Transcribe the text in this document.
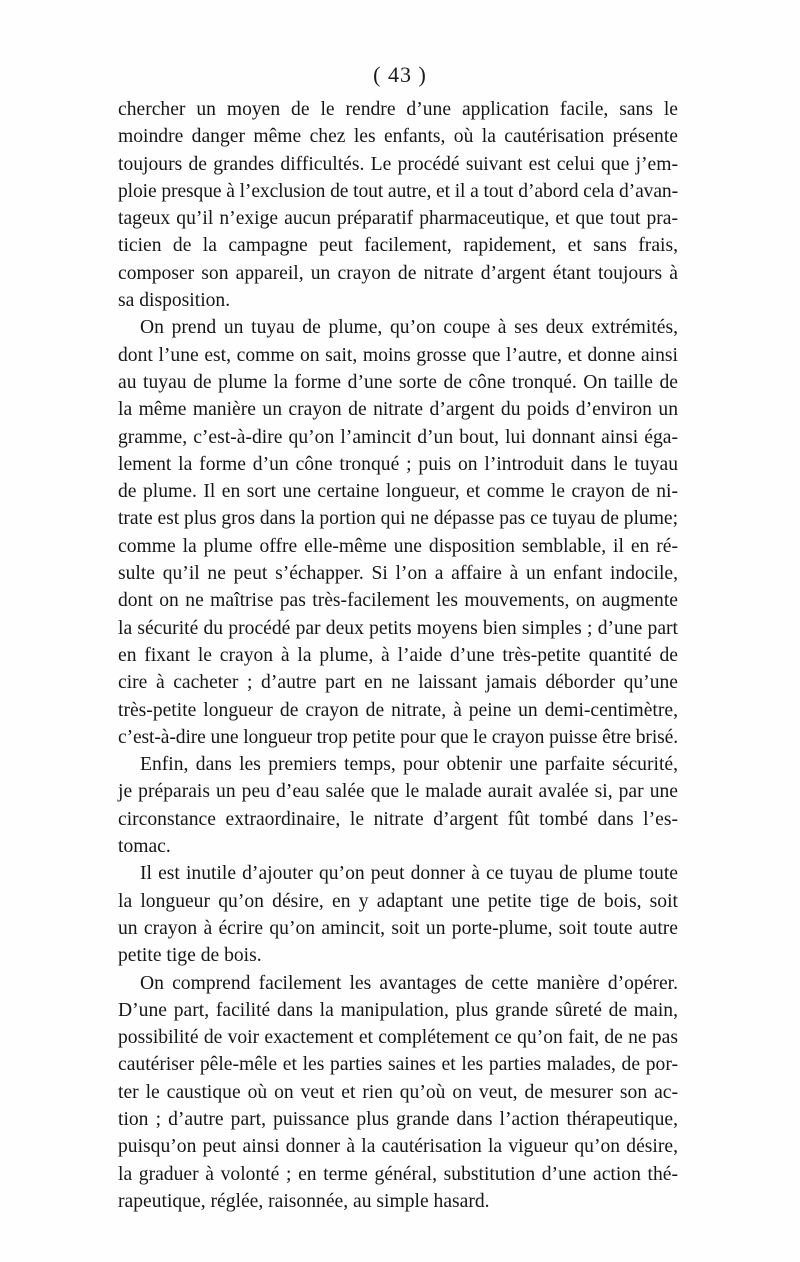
( 43 )
chercher un moyen de le rendre d’une application facile, sans le
moindre danger même chez les enfants, où la cautérisation présente
toujours de grandes difficultés. Le procédé suivant est celui que j’em-
ploie presque à l’exclusion de tout autre, et il a tout d’abord cela d’avan-
tageux qu’il n’exige aucun préparatif pharmaceutique, et que tout pra-
ticien de la campagne peut facilement, rapidement, et sans frais,
composer son appareil, un crayon de nitrate d’argent étant toujours à
sa disposition.
On prend un tuyau de plume, qu’on coupe à ses deux extrémités,
dont l’une est, comme on sait, moins grosse que l’autre, et donne ainsi
au tuyau de plume la forme d’une sorte de cône tronqué. On taille de
la même manière un crayon de nitrate d’argent du poids d’environ un
gramme, c’est-à-dire qu’on l’amincit d’un bout, lui donnant ainsi éga-
lement la forme d’un cône tronqué ; puis on l’introduit dans le tuyau
de plume. Il en sort une certaine longueur, et comme le crayon de ni-
trate est plus gros dans la portion qui ne dépasse pas ce tuyau de plume;
comme la plume offre elle-même une disposition semblable, il en ré-
sulte qu’il ne peut s’échapper. Si l’on a affaire à un enfant indocile,
dont on ne maîtrise pas très-facilement les mouvements, on augmente
la sécurité du procédé par deux petits moyens bien simples ; d’une part
en fixant le crayon à la plume, à l’aide d’une très-petite quantité de
cire à cacheter ; d’autre part en ne laissant jamais déborder qu’une
très-petite longueur de crayon de nitrate, à peine un demi-centimètre,
c’est-à-dire une longueur trop petite pour que le crayon puisse être brisé.
Enfin, dans les premiers temps, pour obtenir une parfaite sécurité,
je préparais un peu d’eau salée que le malade aurait avalée si, par une
circonstance extraordinaire, le nitrate d’argent fût tombé dans l’es-
tomac.
Il est inutile d’ajouter qu’on peut donner à ce tuyau de plume toute
la longueur qu’on désire, en y adaptant une petite tige de bois, soit
un crayon à écrire qu’on amincit, soit un porte-plume, soit toute autre
petite tige de bois.
On comprend facilement les avantages de cette manière d’opérer.
D’une part, facilité dans la manipulation, plus grande sûreté de main,
possibilité de voir exactement et complétement ce qu’on fait, de ne pas
cautériser pêle-mêle et les parties saines et les parties malades, de por-
ter le caustique où on veut et rien qu’où on veut, de mesurer son ac-
tion ; d’autre part, puissance plus grande dans l’action thérapeutique,
puisqu’on peut ainsi donner à la cautérisation la vigueur qu’on désire,
la graduer à volonté ; en terme général, substitution d’une action thé-
rapeutique, réglée, raisonnée, au simple hasard.
